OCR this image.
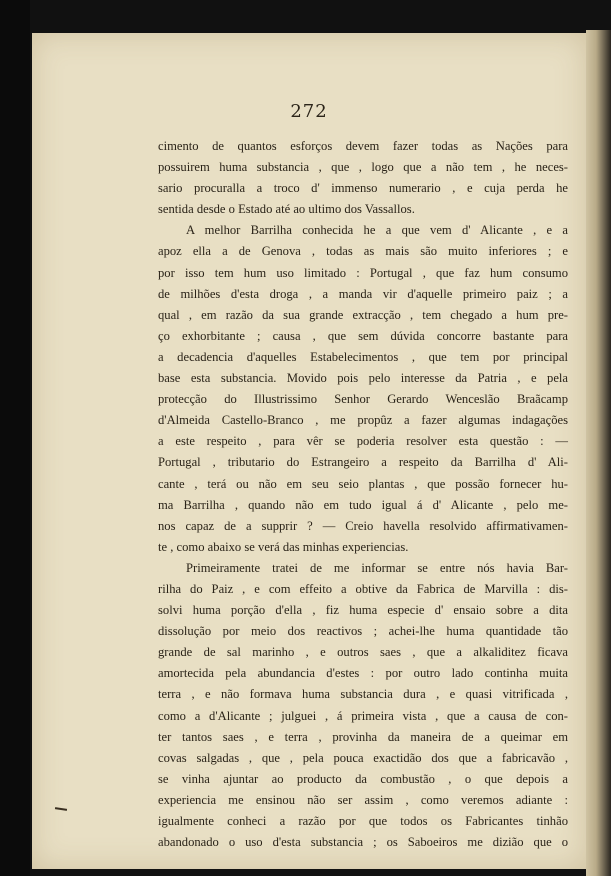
272
cimento de quantos esforços devem fazer todas as Nações para
possuirem huma substancia , que , logo que a não tem , he neces-
sario procuralla a troco d' immenso numerario , e cuja perda he
sentida desde o Estado até ao ultimo dos Vassallos.
A melhor Barrilha conhecida he a que vem d' Alicante , e a
apoz ella a de Genova , todas as mais são muito inferiores ; e
por isso tem hum uso limitado : Portugal , que faz hum consumo
de milhões d'esta droga , a manda vir d'aquelle primeiro paiz ; a
qual , em razão da sua grande extracção , tem chegado a hum pre-
ço exhorbitante ; causa , que sem dúvida concorre bastante para
a decadencia d'aquelles Estabelecimentos , que tem por principal
base esta substancia. Movido pois pelo interesse da Patria , e pela
protecção do Illustrissimo Senhor Gerardo Wenceslão Braãcamp
d'Almeida Castello-Branco , me propûz a fazer algumas indagações
a este respeito , para vêr se poderia resolver esta questão : —
Portugal , tributario do Estrangeiro a respeito da Barrilha d' Ali-
cante , terá ou não em seu seio plantas , que possão fornecer hu-
ma Barrilha , quando não em tudo igual á d' Alicante , pelo me-
nos capaz de a supprir ? — Creio havella resolvido affirmativamen-
te , como abaixo se verá das minhas experiencias.
Primeiramente tratei de me informar se entre nós havia Bar-
rilha do Paiz , e com effeito a obtive da Fabrica de Marvilla : dis-
solvi huma porção d'ella , fiz huma especie d' ensaio sobre a dita
dissolução por meio dos reactivos ; achei-lhe huma quantidade tão
grande de sal marinho , e outros saes , que a alkaliditez ficava
amortecida pela abundancia d'estes : por outro lado continha muita
terra , e não formava huma substancia dura , e quasi vitrificada ,
como a d'Alicante ; julguei , á primeira vista , que a causa de con-
ter tantos saes , e terra , provinha da maneira de a queimar em
covas salgadas , que , pela pouca exactidão dos que a fabricavão ,
se vinha ajuntar ao producto da combustão , o que depois a
experiencia me ensinou não ser assim , como veremos adiante :
igualmente conheci a razão por que todos os Fabricantes tinhão
abandonado o uso d'esta substancia ; os Saboeiros me dizião que o
